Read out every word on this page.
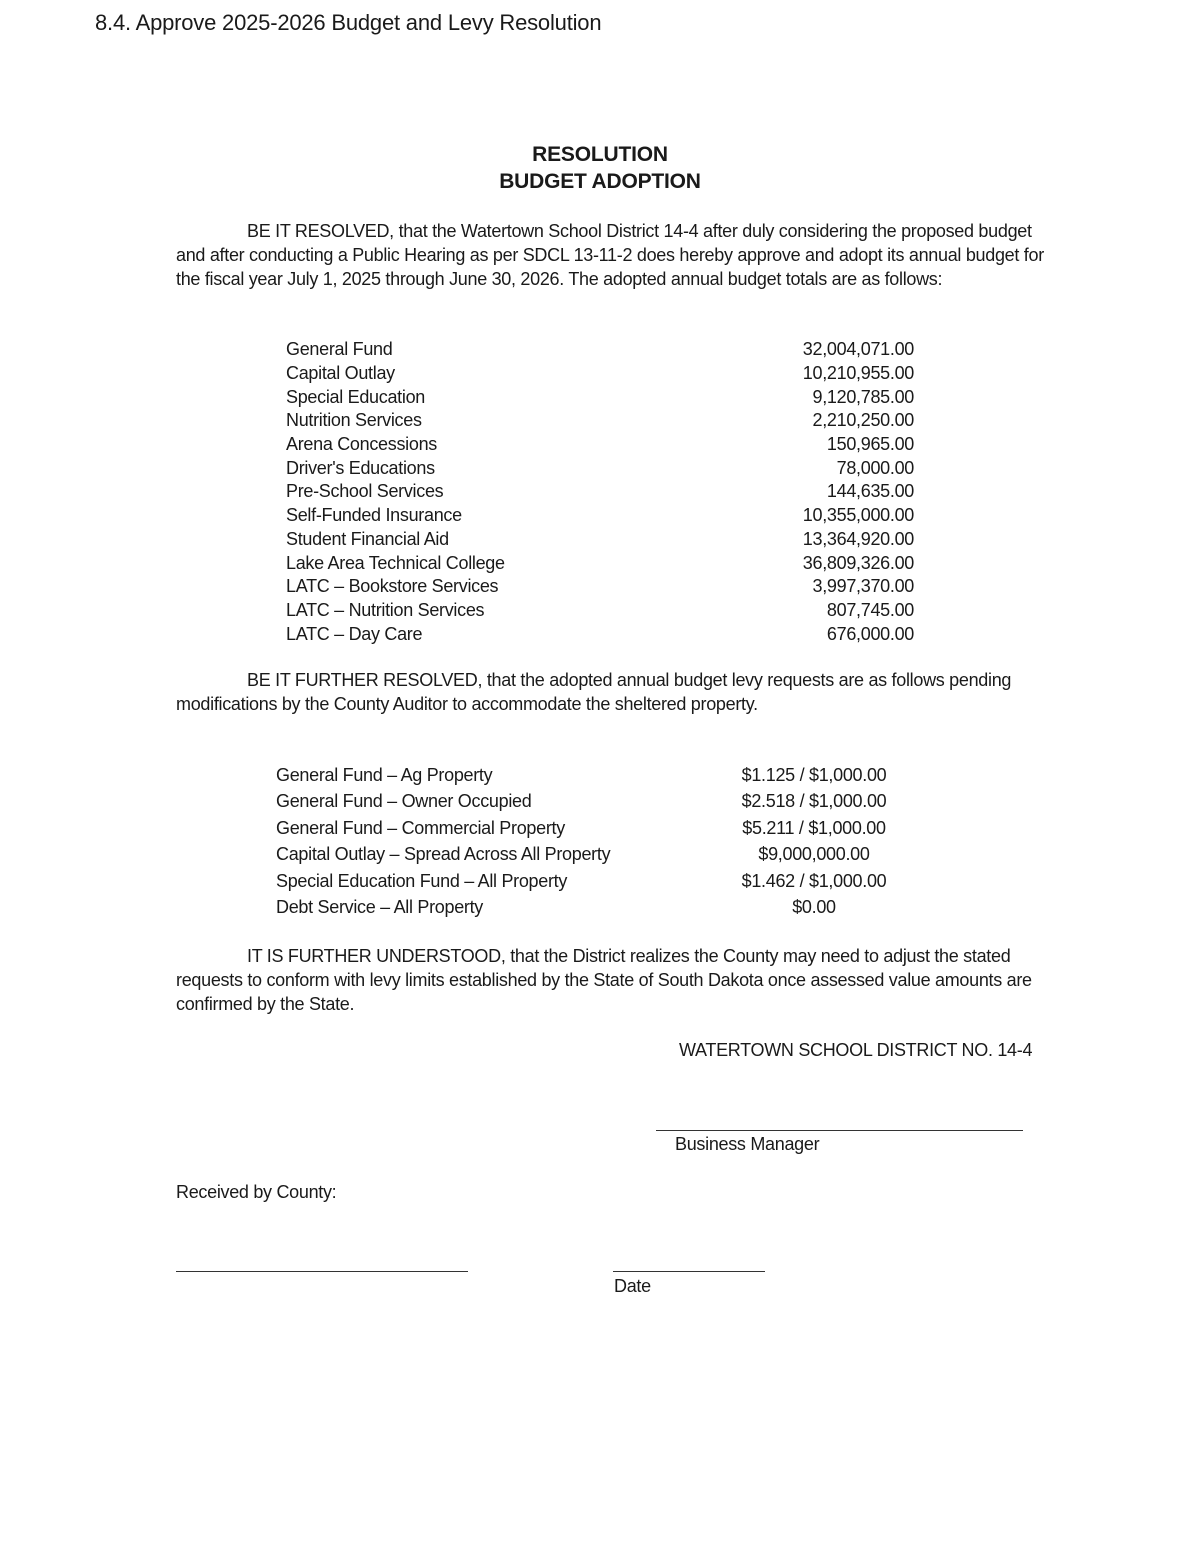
8.4. Approve 2025-2026 Budget and Levy Resolution
RESOLUTION
BUDGET ADOPTION
BE IT RESOLVED, that the Watertown School District 14-4 after duly considering the proposed budget
and after conducting a Public Hearing as per SDCL 13-11-2 does hereby approve and adopt its annual budget for
the fiscal year July 1, 2025 through June 30, 2026. The adopted annual budget totals are as follows:
General Fund	32,004,071.00
Capital Outlay	10,210,955.00
Special Education	9,120,785.00
Nutrition Services	2,210,250.00
Arena Concessions	150,965.00
Driver's Educations	78,000.00
Pre-School Services	144,635.00
Self-Funded Insurance	10,355,000.00
Student Financial Aid	13,364,920.00
Lake Area Technical College	36,809,326.00
LATC – Bookstore Services	3,997,370.00
LATC – Nutrition Services	807,745.00
LATC – Day Care	676,000.00
BE IT FURTHER RESOLVED, that the adopted annual budget levy requests are as follows pending
modifications by the County Auditor to accommodate the sheltered property.
General Fund – Ag Property	$1.125 / $1,000.00
General Fund – Owner Occupied	$2.518 / $1,000.00
General Fund – Commercial Property	$5.211 / $1,000.00
Capital Outlay – Spread Across All Property	$9,000,000.00
Special Education Fund – All Property	$1.462 / $1,000.00
Debt Service – All Property	$0.00
IT IS FURTHER UNDERSTOOD, that the District realizes the County may need to adjust the stated
requests to conform with levy limits established by the State of South Dakota once assessed value amounts are
confirmed by the State.
WATERTOWN SCHOOL DISTRICT NO. 14-4
Business Manager
Received by County:
Date
